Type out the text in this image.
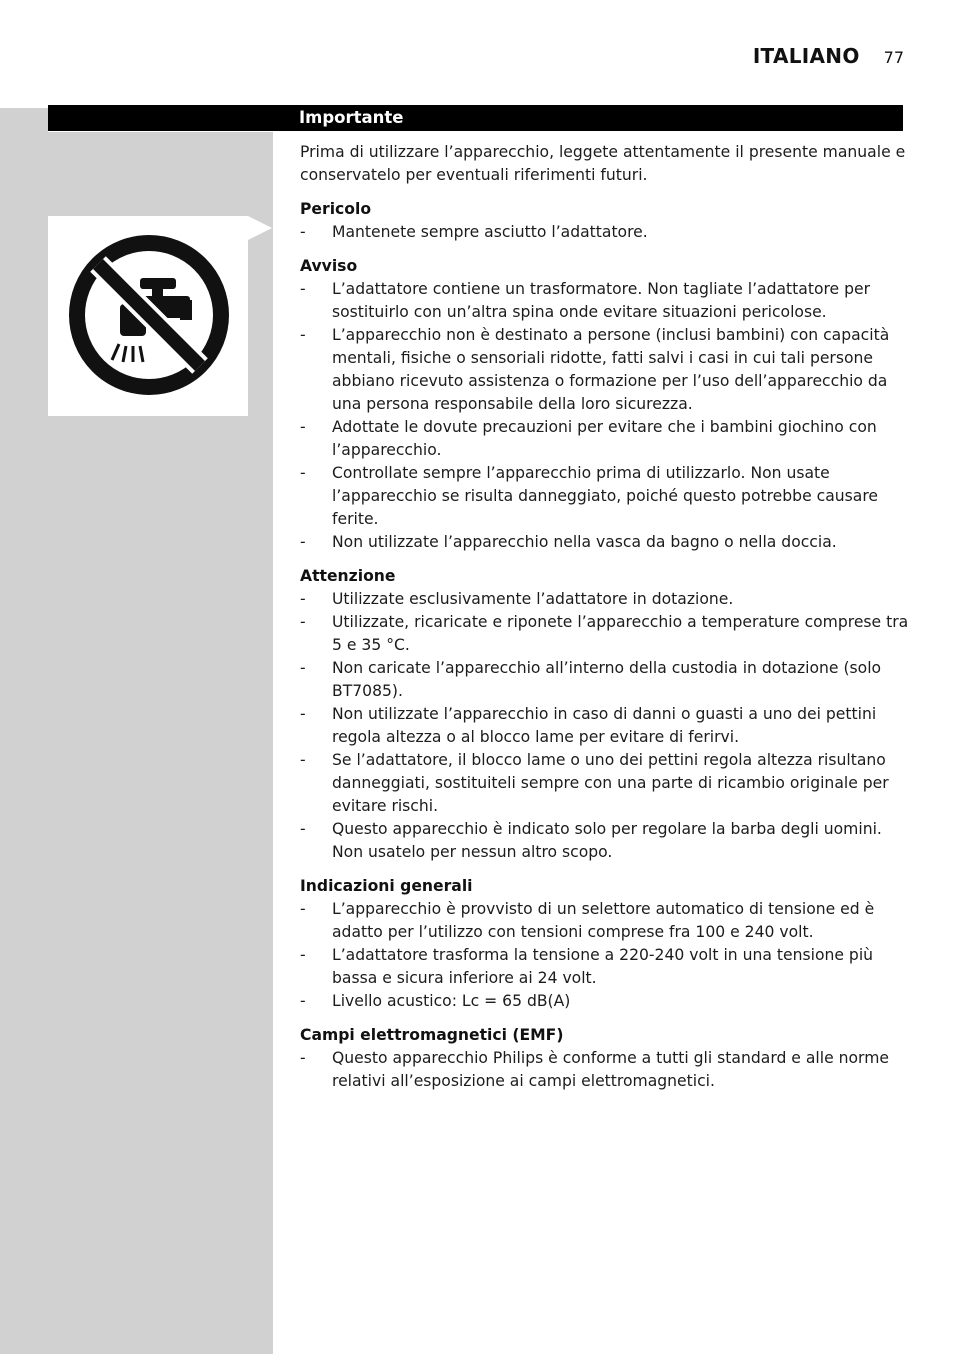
ITALIANO 77
Importante

Prima di utilizzare l’apparecchio, leggete attentamente il presente manuale e conservatelo per eventuali riferimenti futuri.

Pericolo

- Mantenete sempre asciutto l’adattatore.

Avviso

- L’adattatore contiene un trasformatore. Non tagliate l’adattatore per sostituirlo con un’altra spina onde evitare situazioni pericolose.
- L’apparecchio non è destinato a persone (inclusi bambini) con capacità mentali, fisiche o sensoriali ridotte, fatti salvi i casi in cui tali persone abbiano ricevuto assistenza o formazione per l’uso dell’apparecchio da una persona responsabile della loro sicurezza.
- Adottate le dovute precauzioni per evitare che i bambini giochino con l’apparecchio.
- Controllate sempre l’apparecchio prima di utilizzarlo. Non usate l’apparecchio se risulta danneggiato, poiché questo potrebbe causare ferite.
- Non utilizzate l’apparecchio nella vasca da bagno o nella doccia.

Attenzione

- Utilizzate esclusivamente l’adattatore in dotazione.
- Utilizzate, ricaricate e riponete l’apparecchio a temperature comprese tra 5 e 35 °C.
- Non caricate l’apparecchio all’interno della custodia in dotazione (solo BT7085).
- Non utilizzate l’apparecchio in caso di danni o guasti a uno dei pettini regola altezza o al blocco lame per evitare di ferirvi.
- Se l’adattatore, il blocco lame o uno dei pettini regola altezza risultano danneggiati, sostituiteli sempre con una parte di ricambio originale per evitare rischi.
- Questo apparecchio è indicato solo per regolare la barba degli uomini. Non usatelo per nessun altro scopo.

Indicazioni generali

- L’apparecchio è provvisto di un selettore automatico di tensione ed è adatto per l’utilizzo con tensioni comprese fra 100 e 240 volt.
- L’adattatore trasforma la tensione a 220-240 volt in una tensione più bassa e sicura inferiore ai 24 volt.
- Livello acustico: Lc = 65 dB(A)

Campi elettromagnetici (EMF)

- Questo apparecchio Philips è conforme a tutti gli standard e alle norme relativi all’esposizione ai campi elettromagnetici.
